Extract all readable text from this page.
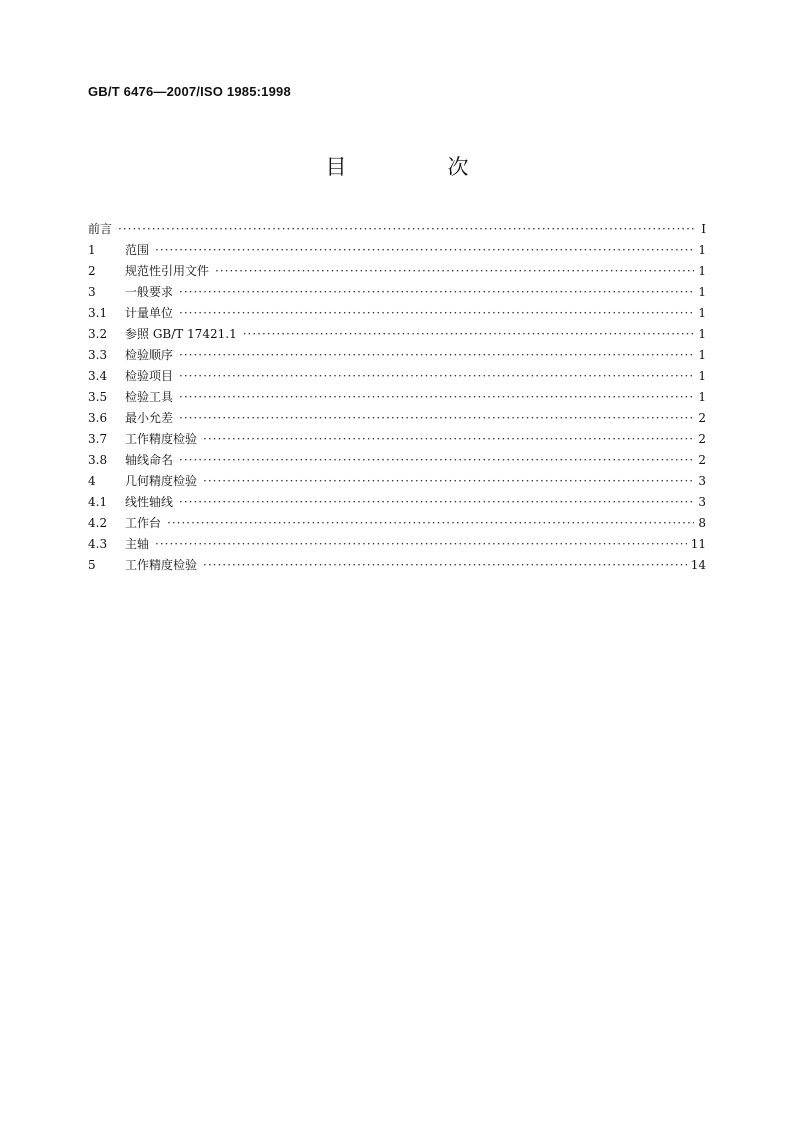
GB/T 6476—2007/ISO 1985:1998
目　次
前言 ·····	I
1	范围 ·····	1
2	规范性引用文件 ·····	1
3	一般要求 ·····	1
3.1	计量单位 ·····	1
3.2	参照 GB/T 17421.1 ·····	1
3.3	检验顺序 ·····	1
3.4	检验项目 ·····	1
3.5	检验工具 ·····	1
3.6	最小允差 ·····	2
3.7	工作精度检验 ·····	2
3.8	轴线命名 ·····	2
4	几何精度检验 ·····	3
4.1	线性轴线 ·····	3
4.2	工作台 ·····	8
4.3	主轴 ·····	11
5	工作精度检验 ·····	14
